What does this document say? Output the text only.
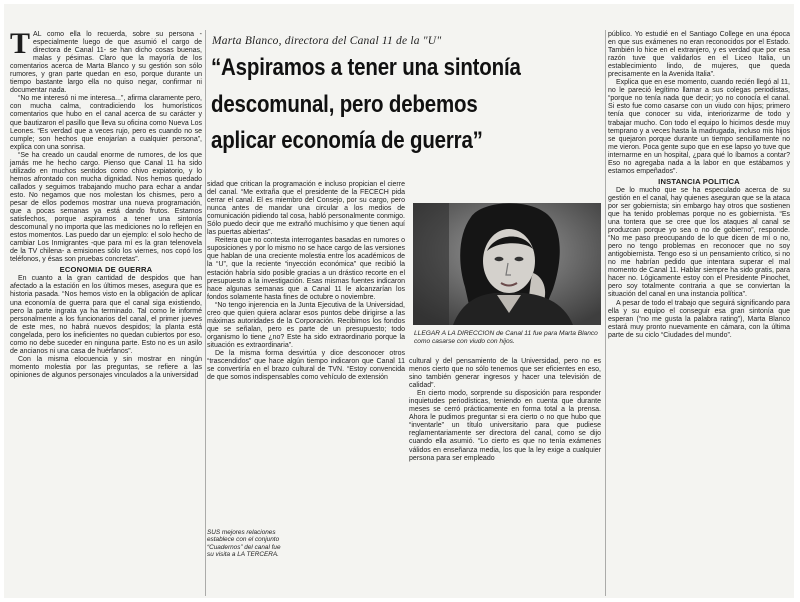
TAL como ella lo recuerda, sobre su persona -especialmente luego de que asumió el cargo de directora de Canal 11- se han dicho cosas buenas, malas y pésimas. Claro que la mayoría de los comentarios acerca de Marta Blanco y su gestión son sólo rumores, y gran parte quedan en eso, porque durante un tiempo bastante largo ella no quiso negar, confirmar ni documentar nada.

“No me interesó ni me interesa...”, afirma claramente pero, con mucha calma, contradiciendo los humorísticos comentarios que hubo en el canal acerca de su carácter y que bautizaron el pasillo que lleva su oficina como Nueva Los Leones. “Es verdad que a veces rujo, pero es cuando no se cumple; son hechos que enojarían a cualquier persona”, explica con una sonrisa.

“Se ha creado un caudal enorme de rumores, de los que jamás me he hecho cargo. Pienso que Canal 11 ha sido utilizado en muchos sentidos como chivo expiatorio, y lo hemos afrontado con mucha dignidad. Nos hemos quedado callados y seguimos trabajando mucho para echar a andar esto. No negamos que nos molestan los chismes, pero a pesar de ellos podemos mostrar una nueva programación, que a pocas semanas ya está dando frutos. Estamos satisfechos, porque aspiramos a tener una sintonía descomunal y no importa que las mediciones no lo reflejen en estos momentos. Las puedo dar un ejemplo: el solo hecho de cambiar Los Inmigrantes -que para mí es la gran telenovela de la TV chilena- a emisiones sólo los viernes, nos copó los teléfonos, y ésas son pruebas concretas”.

ECONOMIA DE GUERRA

En cuanto a la gran cantidad de despidos que han afectado a la estación en los últimos meses, asegura que es historia pasada. “Nos hemos visto en la obligación de aplicar una economía de guerra para que el canal siga existiendo, pero la parte ingrata ya ha terminado. Tal como le informé personalmente a los funcionarios del canal, el primer jueves de este mes, no habrá nuevos despidos; la planta está congelada, pero los ineficientes no quedan cubiertos por eso, como no debe suceder en ninguna parte. Esto no es un asilo de ancianos ni una casa de huérfanos”.

Con la misma elocuencia y sin mostrar en ningún momento molestia por las preguntas, se refiere a las opiniones de algunos personajes vinculados a la universidad

Marta Blanco, directora del Canal 11 de la "U"
“Aspiramos a tener una sintonía
descomunal, pero debemos
aplicar economía de guerra”

sidad que critican la programación e incluso propician el cierre del canal. “Me extraña que el presidente de la FECECH pida cerrar el canal. El es miembro del Consejo, por su cargo, pero nunca antes de mandar una circular a los medios de comunicación pidiendo tal cosa, habló personalmente conmigo. Sólo puedo decir que me extrañó muchísimo y que tienen aquí las puertas abiertas”.

Reitera que no contesta interrogantes basadas en rumores o suposiciones y por lo mismo no se hace cargo de las versiones que hablan de una creciente molestia entre los académicos de la “U”, que la reciente “inyección económica” que recibió la estación habría sido posible gracias a un drástico recorte en el presupuesto a la investigación. Esas mismas fuentes indicaron hace algunas semanas que a Canal 11 le alcanzarían los fondos solamente hasta fines de octubre o noviembre.

“No tengo injerencia en la Junta Ejecutiva de la Universidad, creo que quien quiera aclarar esos puntos debe dirigirse a las máximas autoridades de la Corporación. Recibimos los fondos que se señalan, pero es parte de un presupuesto; todo organismo lo tiene ¿no? Este ha sido extraordinario porque la situación es extraordinaria”.

De la misma forma desvirtúa y dice desconocer otros “trascendidos” que hace algún tiempo indicaron que Canal 11 se convertiría en el brazo cultural de TVN. “Estoy convencida de que somos indispensables como vehículo de extensión

LLEGAR A LA DIRECCION de Canal 11 fue para Marta Blanco como casarse con viudo con hijos.

cultural y del pensamiento de la Universidad, pero no es menos cierto que no sólo tenemos que ser eficientes en eso, sino también generar ingresos y hacer una televisión de calidad”.

En cierto modo, sorprende su disposición para responder inquietudes periodísticas, teniendo en cuenta que durante meses se cerró prácticamente en forma total a la prensa. Ahora le pudimos preguntar si era cierto o no que hubo que “inventarle” un título universitario para que pudiese reglamentariamente ser directora del canal, como se dijo cuando ella asumió. “Lo cierto es que no tenía exámenes válidos en enseñanza media, los que la ley exige a cualquier persona para ser empleado

SUS mejores relaciones establece con el conjunto “Cuadernos” del canal fue su visita a LA TERCERA.

público. Yo estudié en el Santiago College en una época en que sus exámenes no eran reconocidos por el Estado. También lo hice en el extranjero, y es verdad que por esa razón tuve que validarlos en el Liceo Italia, un establecimiento lindo, de mujeres, que queda precisamente en la Avenida Italia”.

Explica que en ese momento, cuando recién llegó al 11, no le pareció legítimo llamar a sus colegas periodistas, “porque no tenía nada que decir; yo no conocía el canal. Si esto fue como casarse con un viudo con hijos; primero tenía que conocer su vida, interiorizarme de todo y trabajar mucho. Con todo el equipo lo hicimos desde muy temprano y a veces hasta la madrugada, incluso mis hijos se quejaron porque durante un tiempo sencillamente no me vieron. Poca gente supo que en ese lapso yo tuve que internarme en un hospital, ¿para qué lo íbamos a contar? Eso no agregaba nada a la labor en que estábamos y estamos empeñados”.

INSTANCIA POLITICA

De lo mucho que se ha especulado acerca de su gestión en el canal, hay quienes aseguran que se la ataca por ser gobiernista; sin embargo hay otros que sostienen que ha tenido problemas porque no es gobiernista. “Es una tontera que se cree que los ataques al canal se produzcan porque yo sea o no de gobierno”, responde. “No me paso preocupando de lo que dicen de mí o no, pero no tengo problemas en reconocer que no soy antigobiernista. Tengo eso si un pensamiento crítico, si no no me habrían pedido que intentara superar el mal momento de Canal 11. Hablar siempre ha sido gratis, para hacer no. Lógicamente estoy con el Presidente Pinochet, pero soy totalmente contraria a que se conviertan la situación del canal en una instancia política”.

A pesar de todo el trabajo que seguirá significando para ella y su equipo el conseguir esa gran sintonía que esperan (“no me gusta la palabra rating”), Marta Blanco estará muy pronto nuevamente en cámara, con la última parte de su ciclo “Ciudades del mundo”.
